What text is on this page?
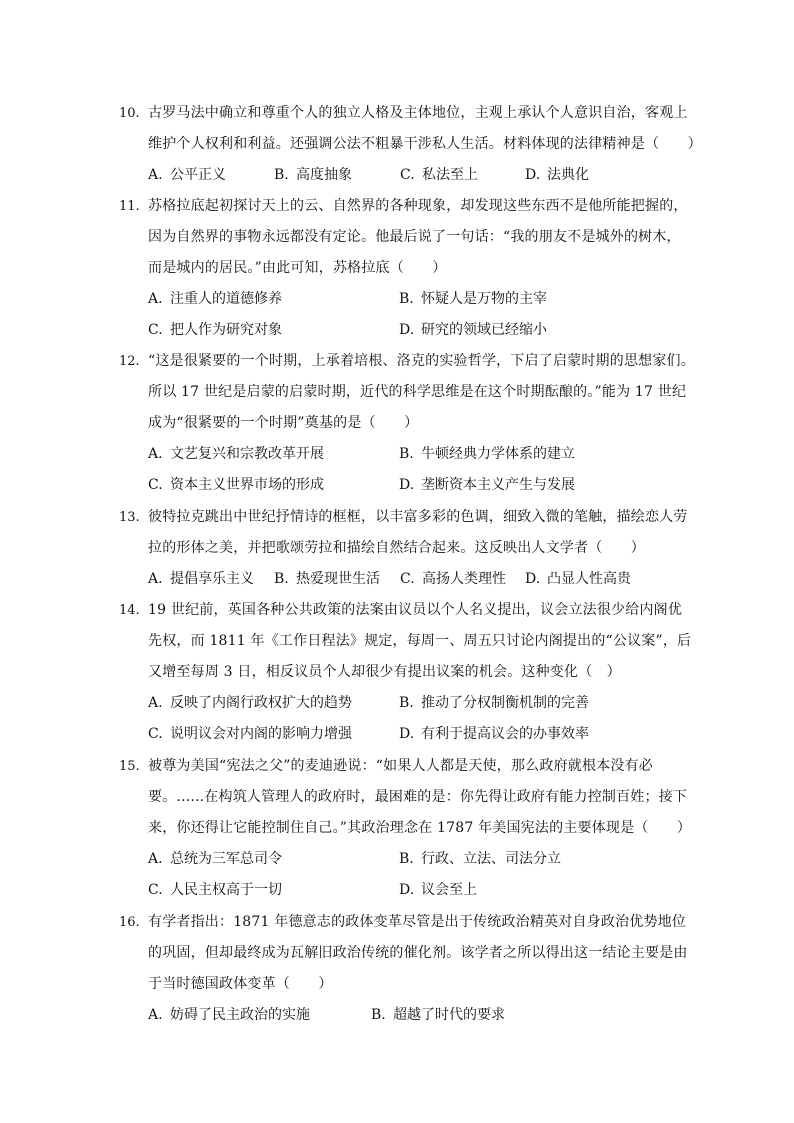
10. 古罗马法中确立和尊重个人的独立人格及主体地位，主观上承认个人意识自治，客观上
维护个人权利和利益。还强调公法不粗暴干涉私人生活。材料体现的法律精神是（　　）
A. 公平正义	B. 高度抽象	C. 私法至上	D. 法典化
11. 苏格拉底起初探讨天上的云、自然界的各种现象，却发现这些东西不是他所能把握的，
因为自然界的事物永远都没有定论。他最后说了一句话：“我的朋友不是城外的树木，
而是城内的居民。”由此可知，苏格拉底（　　）
A. 注重人的道德修养	B. 怀疑人是万物的主宰
C. 把人作为研究对象	D. 研究的领域已经缩小
12. “这是很紧要的一个时期，上承着培根、洛克的实验哲学，下启了启蒙时期的思想家们。
所以 17 世纪是启蒙的启蒙时期，近代的科学思维是在这个时期酝酿的。”能为 17 世纪
成为“很紧要的一个时期”奠基的是（　　）
A. 文艺复兴和宗教改革开展	B. 牛顿经典力学体系的建立
C. 资本主义世界市场的形成	D. 垄断资本主义产生与发展
13. 彼特拉克跳出中世纪抒情诗的框框，以丰富多彩的色调，细致入微的笔触，描绘恋人劳
拉的形体之美，并把歌颂劳拉和描绘自然结合起来。这反映出人文学者（　　）
A. 提倡享乐主义 B. 热爱现世生活 C. 高扬人类理性 D. 凸显人性高贵
14. 19 世纪前，英国各种公共政策的法案由议员以个人名义提出，议会立法很少给内阁优
先权，而 1811 年《工作日程法》规定，每周一、周五只讨论内阁提出的“公议案”，后
又增至每周 3 日，相反议员个人却很少有提出议案的机会。这种变化（　）
A. 反映了内阁行政权扩大的趋势	B. 推动了分权制衡机制的完善
C. 说明议会对内阁的影响力增强	D. 有利于提高议会的办事效率
15. 被尊为美国“宪法之父”的麦迪逊说：“如果人人都是天使，那么政府就根本没有必
要。......在构筑人管理人的政府时，最困难的是：你先得让政府有能力控制百姓；接下
来，你还得让它能控制住自己。”其政治理念在 1787 年美国宪法的主要体现是（　　）
A. 总统为三军总司令	B. 行政、立法、司法分立
C. 人民主权高于一切	D. 议会至上
16. 有学者指出：1871 年德意志的政体变革尽管是出于传统政治精英对自身政治优势地位
的巩固，但却最终成为瓦解旧政治传统的催化剂。该学者之所以得出这一结论主要是由
于当时德国政体变革（　　）
A. 妨碍了民主政治的实施	B. 超越了时代的要求
